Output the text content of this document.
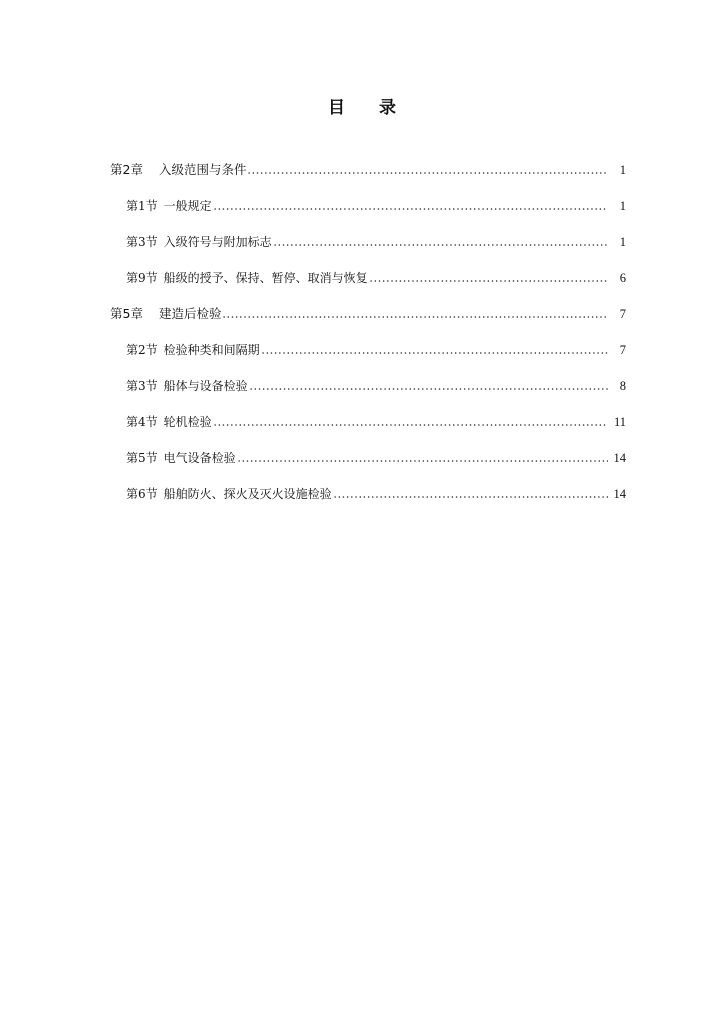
目 录
第2章 入级范围与条件	1
第1节 一般规定	1
第3节 入级符号与附加标志	1
第9节 船级的授予、保持、暂停、取消与恢复	6
第5章 建造后检验	7
第2节 检验种类和间隔期	7
第3节 船体与设备检验	8
第4节 轮机检验	11
第5节 电气设备检验	14
第6节 船舶防火、探火及灭火设施检验	14
